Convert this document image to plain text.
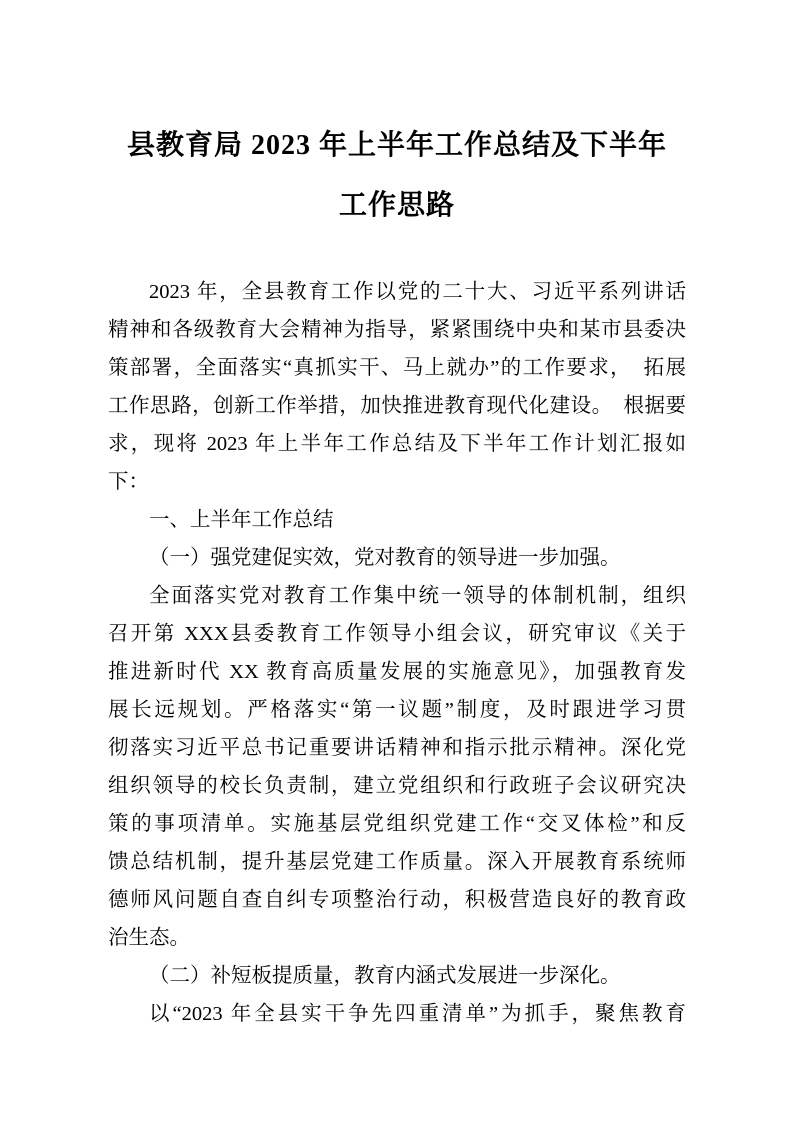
县教育局 2023 年上半年工作总结及下半年
工作思路
2023 年，全县教育工作以党的二十大、习近平系列讲话
精神和各级教育大会精神为指导，紧紧围绕中央和某市县委决
策部署，全面落实“真抓实干、马上就办”的工作要求，　拓展
工作思路，创新工作举措，加快推进教育现代化建设。　根据要
求，现将 2023 年上半年工作总结及下半年工作计划汇报如
下：
一、上半年工作总结
（一）强党建促实效，党对教育的领导进一步加强。
全面落实党对教育工作集中统一领导的体制机制，组织
召开第 XXX县委教育工作领导小组会议，研究审议《关于
推进新时代 XX 教育高质量发展的实施意见》，加强教育发
展长远规划。严格落实“第一议题”制度，及时跟进学习贯
彻落实习近平总书记重要讲话精神和指示批示精神。深化党
组织领导的校长负责制，建立党组织和行政班子会议研究决
策的事项清单。实施基层党组织党建工作“交叉体检”和反
馈总结机制，提升基层党建工作质量。深入开展教育系统师
德师风问题自查自纠专项整治行动，积极营造良好的教育政
治生态。
（二）补短板提质量，教育内涵式发展进一步深化。
以“2023 年全县实干争先四重清单”为抓手，聚焦教育
